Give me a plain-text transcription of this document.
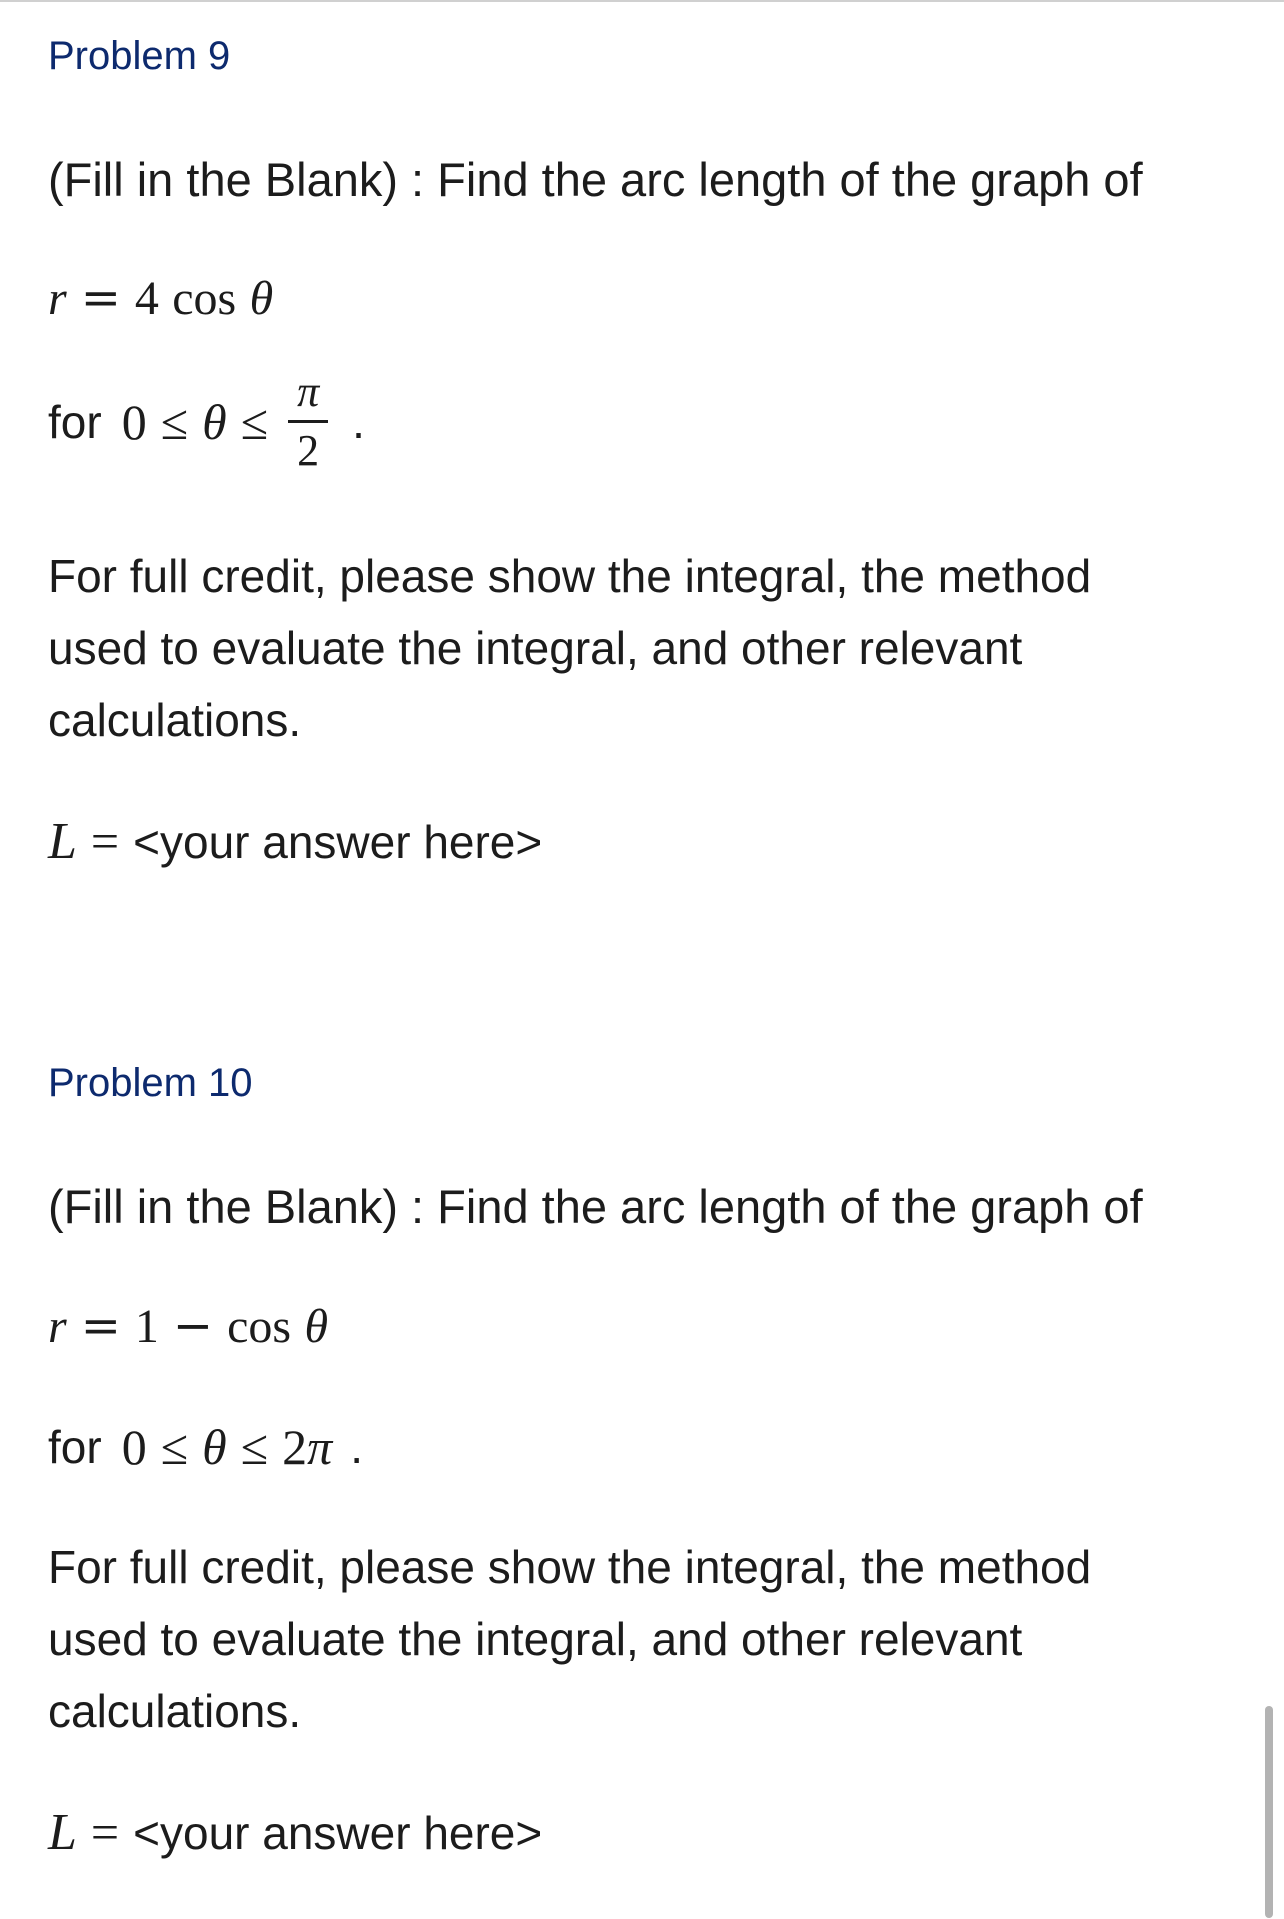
Problem 9
(Fill in the Blank) : Find the arc length of the graph of
r = 4 cos θ
for $0 \le \theta \le \frac{\pi}{2}$ .
For full credit, please show the integral, the method used to evaluate the integral, and other relevant calculations.
L = <your answer here>
Problem 10
(Fill in the Blank) : Find the arc length of the graph of
r = 1 − cos θ
for 0 ≤ θ ≤ 2 π .
For full credit, please show the integral, the method used to evaluate the integral, and other relevant calculations.
L = <your answer here>
